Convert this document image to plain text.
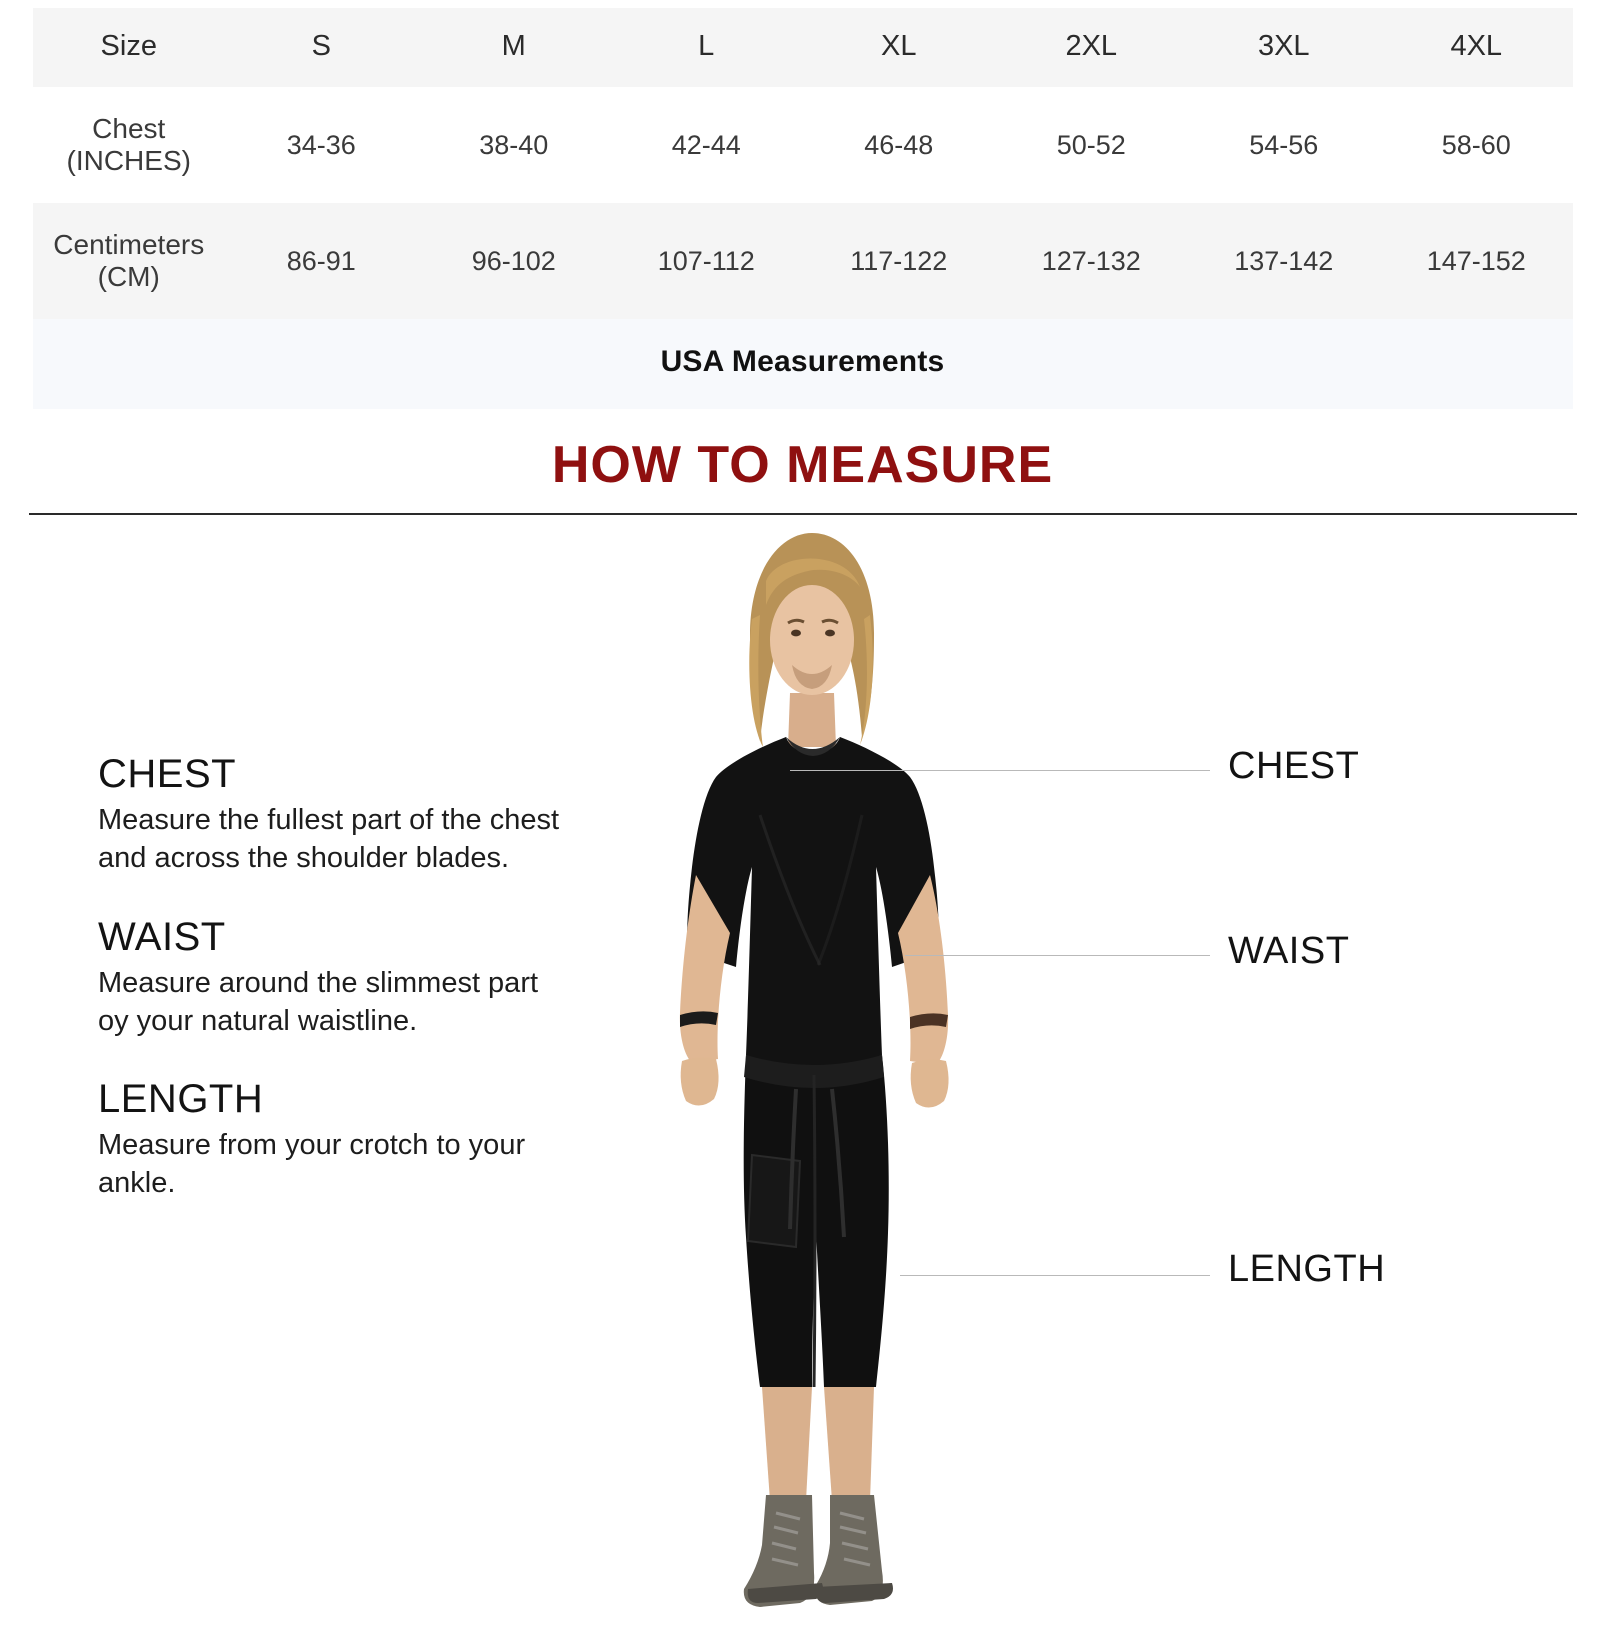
Size	S	M	L	XL	2XL	3XL	4XL
Chest (INCHES)	34-36	38-40	42-44	46-48	50-52	54-56	58-60
Centimeters (CM)	86-91	96-102	107-112	117-122	127-132	137-142	147-152
USA Measurements
HOW TO MEASURE
CHEST
Measure the fullest part of the chest and across the shoulder blades.
WAIST
Measure around the slimmest part oy your natural waistline.
LENGTH
Measure from your crotch to your ankle.
CHEST
WAIST
LENGTH
